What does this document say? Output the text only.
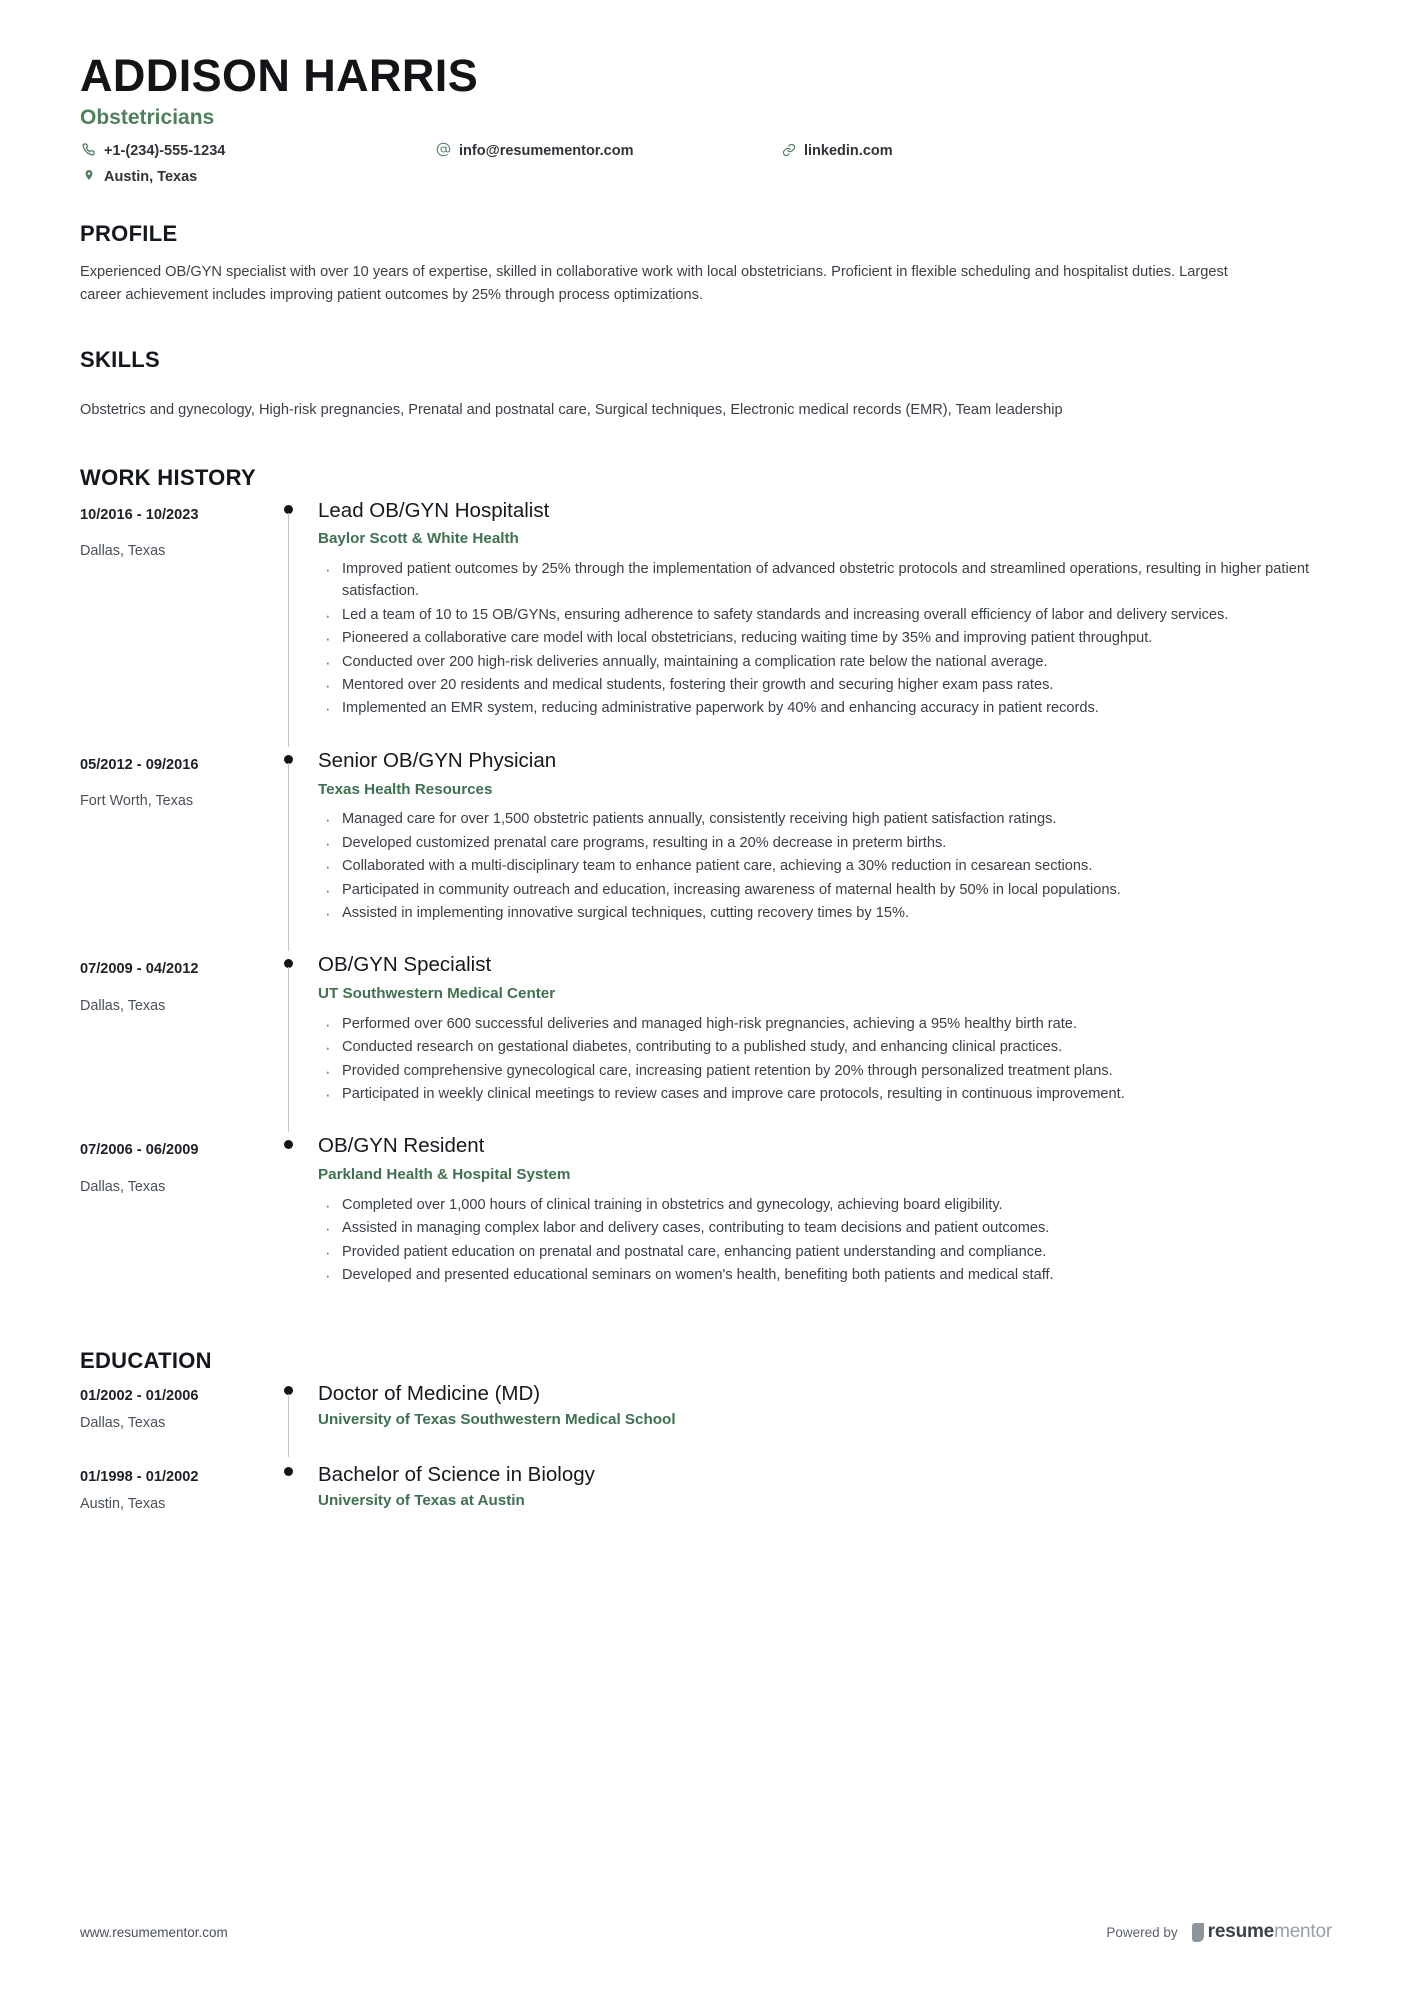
ADDISON HARRIS
Obstetricians
+1-(234)-555-1234
Austin, Texas
info@resumementor.com	linkedin.com
PROFILE

Experienced OB/GYN specialist with over 10 years of expertise, skilled in collaborative work with local obstetricians. Proficient in flexible scheduling and hospitalist duties. Largest career achievement includes improving patient outcomes by 25% through process optimizations.

SKILLS

Obstetrics and gynecology, High-risk pregnancies, Prenatal and postnatal care, Surgical techniques, Electronic medical records (EMR), Team leadership

WORK HISTORY
10/2016 - 10/2023
Dallas, Texas
Lead OB/GYN Hospitalist
Baylor Scott & White Health
· Improved patient outcomes by 25% through the implementation of advanced obstetric protocols and streamlined operations, resulting in higher patient satisfaction.
· Led a team of 10 to 15 OB/GYNs, ensuring adherence to safety standards and increasing overall efficiency of labor and delivery services.
· Pioneered a collaborative care model with local obstetricians, reducing waiting time by 35% and improving patient throughput.
· Conducted over 200 high-risk deliveries annually, maintaining a complication rate below the national average.
· Mentored over 20 residents and medical students, fostering their growth and securing higher exam pass rates.
· Implemented an EMR system, reducing administrative paperwork by 40% and enhancing accuracy in patient records.
05/2012 - 09/2016
Fort Worth, Texas
Senior OB/GYN Physician
Texas Health Resources
· Managed care for over 1,500 obstetric patients annually, consistently receiving high patient satisfaction ratings.
· Developed customized prenatal care programs, resulting in a 20% decrease in preterm births.
· Collaborated with a multi-disciplinary team to enhance patient care, achieving a 30% reduction in cesarean sections.
· Participated in community outreach and education, increasing awareness of maternal health by 50% in local populations.
· Assisted in implementing innovative surgical techniques, cutting recovery times by 15%.
07/2009 - 04/2012
Dallas, Texas
OB/GYN Specialist
UT Southwestern Medical Center
· Performed over 600 successful deliveries and managed high-risk pregnancies, achieving a 95% healthy birth rate.
· Conducted research on gestational diabetes, contributing to a published study, and enhancing clinical practices.
· Provided comprehensive gynecological care, increasing patient retention by 20% through personalized treatment plans.
· Participated in weekly clinical meetings to review cases and improve care protocols, resulting in continuous improvement.
07/2006 - 06/2009
Dallas, Texas
OB/GYN Resident
Parkland Health & Hospital System
· Completed over 1,000 hours of clinical training in obstetrics and gynecology, achieving board eligibility.
· Assisted in managing complex labor and delivery cases, contributing to team decisions and patient outcomes.
· Provided patient education on prenatal and postnatal care, enhancing patient understanding and compliance.
· Developed and presented educational seminars on women's health, benefiting both patients and medical staff.
EDUCATION
01/2002 - 01/2006
Dallas, Texas
Doctor of Medicine (MD)
University of Texas Southwestern Medical School
01/1998 - 01/2002
Austin, Texas
Bachelor of Science in Biology
University of Texas at Austin
www.resumementor.com	Powered by resume mentor
